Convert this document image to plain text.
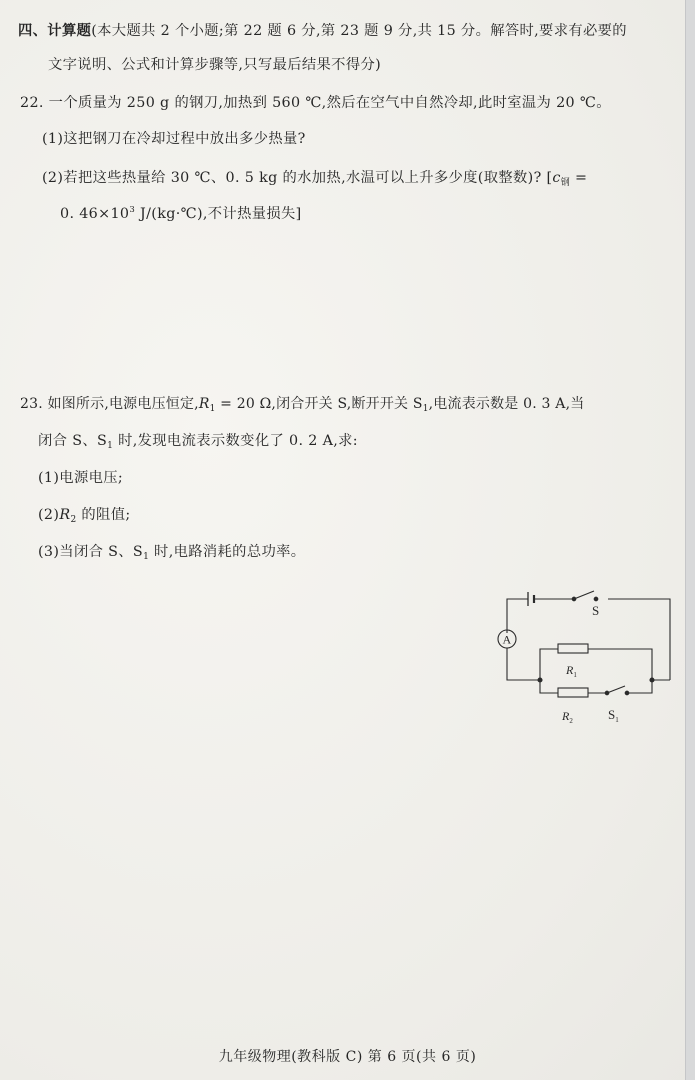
四、计算题(本大题共 2 个小题;第 22 题 6 分,第 23 题 9 分,共 15 分。解答时,要求有必要的
文字说明、公式和计算步骤等,只写最后结果不得分)
22. 一个质量为 250 g 的钢刀,加热到 560 ℃,然后在空气中自然冷却,此时室温为 20 ℃。
(1)这把钢刀在冷却过程中放出多少热量?
(2)若把这些热量给 30 ℃、0. 5 kg 的水加热,水温可以上升多少度(取整数)? [$c_钢$ =
0. $46\times 10^3$ J/(kg·℃),不计热量损失]
23. 如图所示,电源电压恒定$,R_1 = 20$ Ω,闭合开关 S,断开开关 $S_1$,电流表示数是 0. 3 A,当
闭合 S、$S_1$ 时,发现电流表示数变化了 0. 2 A,求:
(1)电源电压;
$(2)R_2$ 的阻值;
(3)当闭合 S、$S_1$ 时,电路消耗的总功率。
S
A
$R_1$
$R_2$	$S_1$
九年级物理(教科版 C) 第 6 页(共 6 页)
